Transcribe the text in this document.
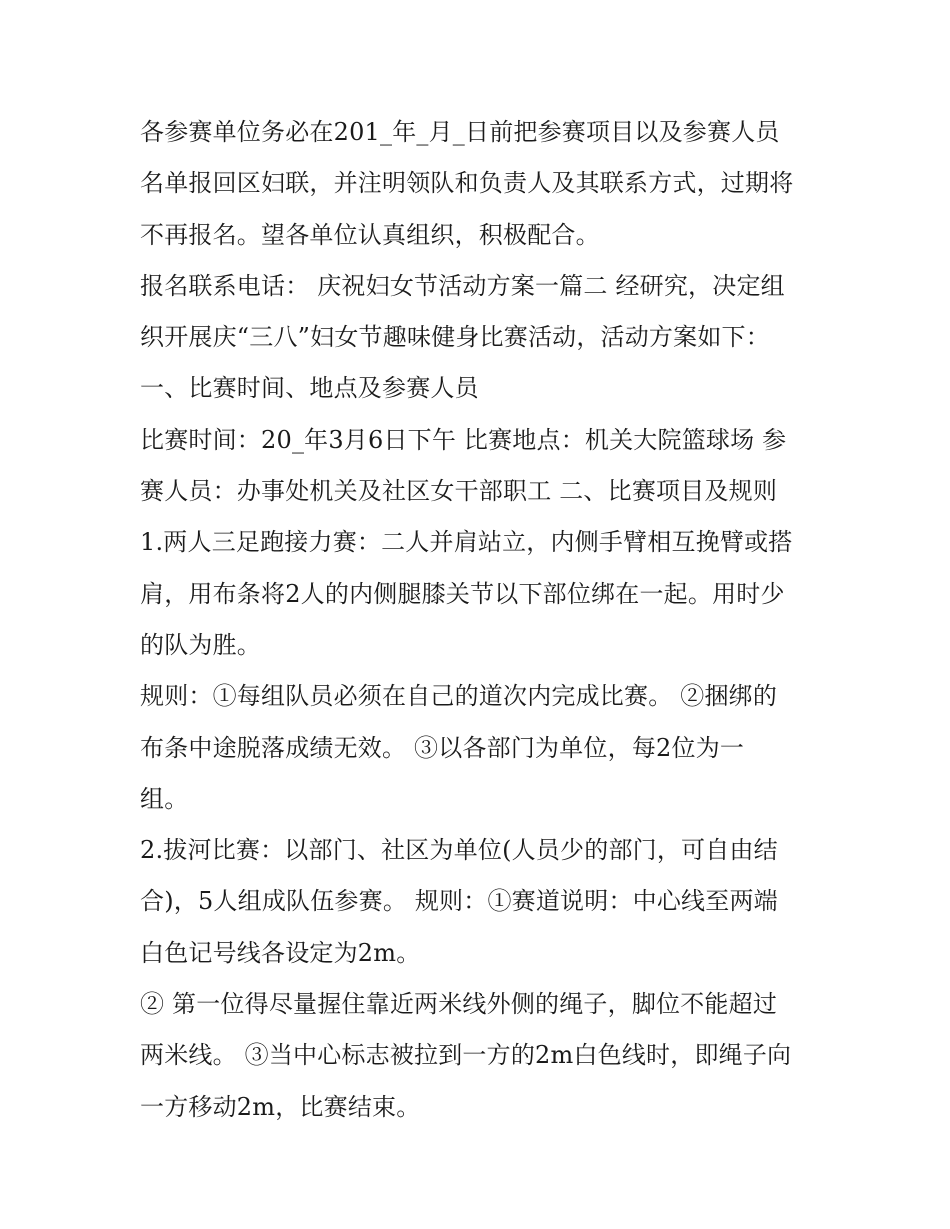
各参赛单位务必在201_年_月_日前把参赛项目以及参赛人员
名单报回区妇联，并注明领队和负责人及其联系方式，过期将
不再报名。望各单位认真组织，积极配合。
报名联系电话： 庆祝妇女节活动方案一篇二 经研究，决定组
织开展庆“三八”妇女节趣味健身比赛活动，活动方案如下：
一、比赛时间、地点及参赛人员
比赛时间：20_年3月6日下午 比赛地点：机关大院篮球场 参
赛人员：办事处机关及社区女干部职工 二、比赛项目及规则
1.两人三足跑接力赛：二人并肩站立，内侧手臂相互挽臂或搭
肩，用布条将2人的内侧腿膝关节以下部位绑在一起。用时少
的队为胜。
规则：①每组队员必须在自己的道次内完成比赛。 ②捆绑的
布条中途脱落成绩无效。 ③以各部门为单位，每2位为一
组。
2.拔河比赛：以部门、社区为单位(人员少的部门，可自由结
合)，5人组成队伍参赛。 规则：①赛道说明：中心线至两端
白色记号线各设定为2m。
② 第一位得尽量握住靠近两米线外侧的绳子，脚位不能超过
两米线。 ③当中心标志被拉到一方的2m白色线时，即绳子向
一方移动2m，比赛结束。
